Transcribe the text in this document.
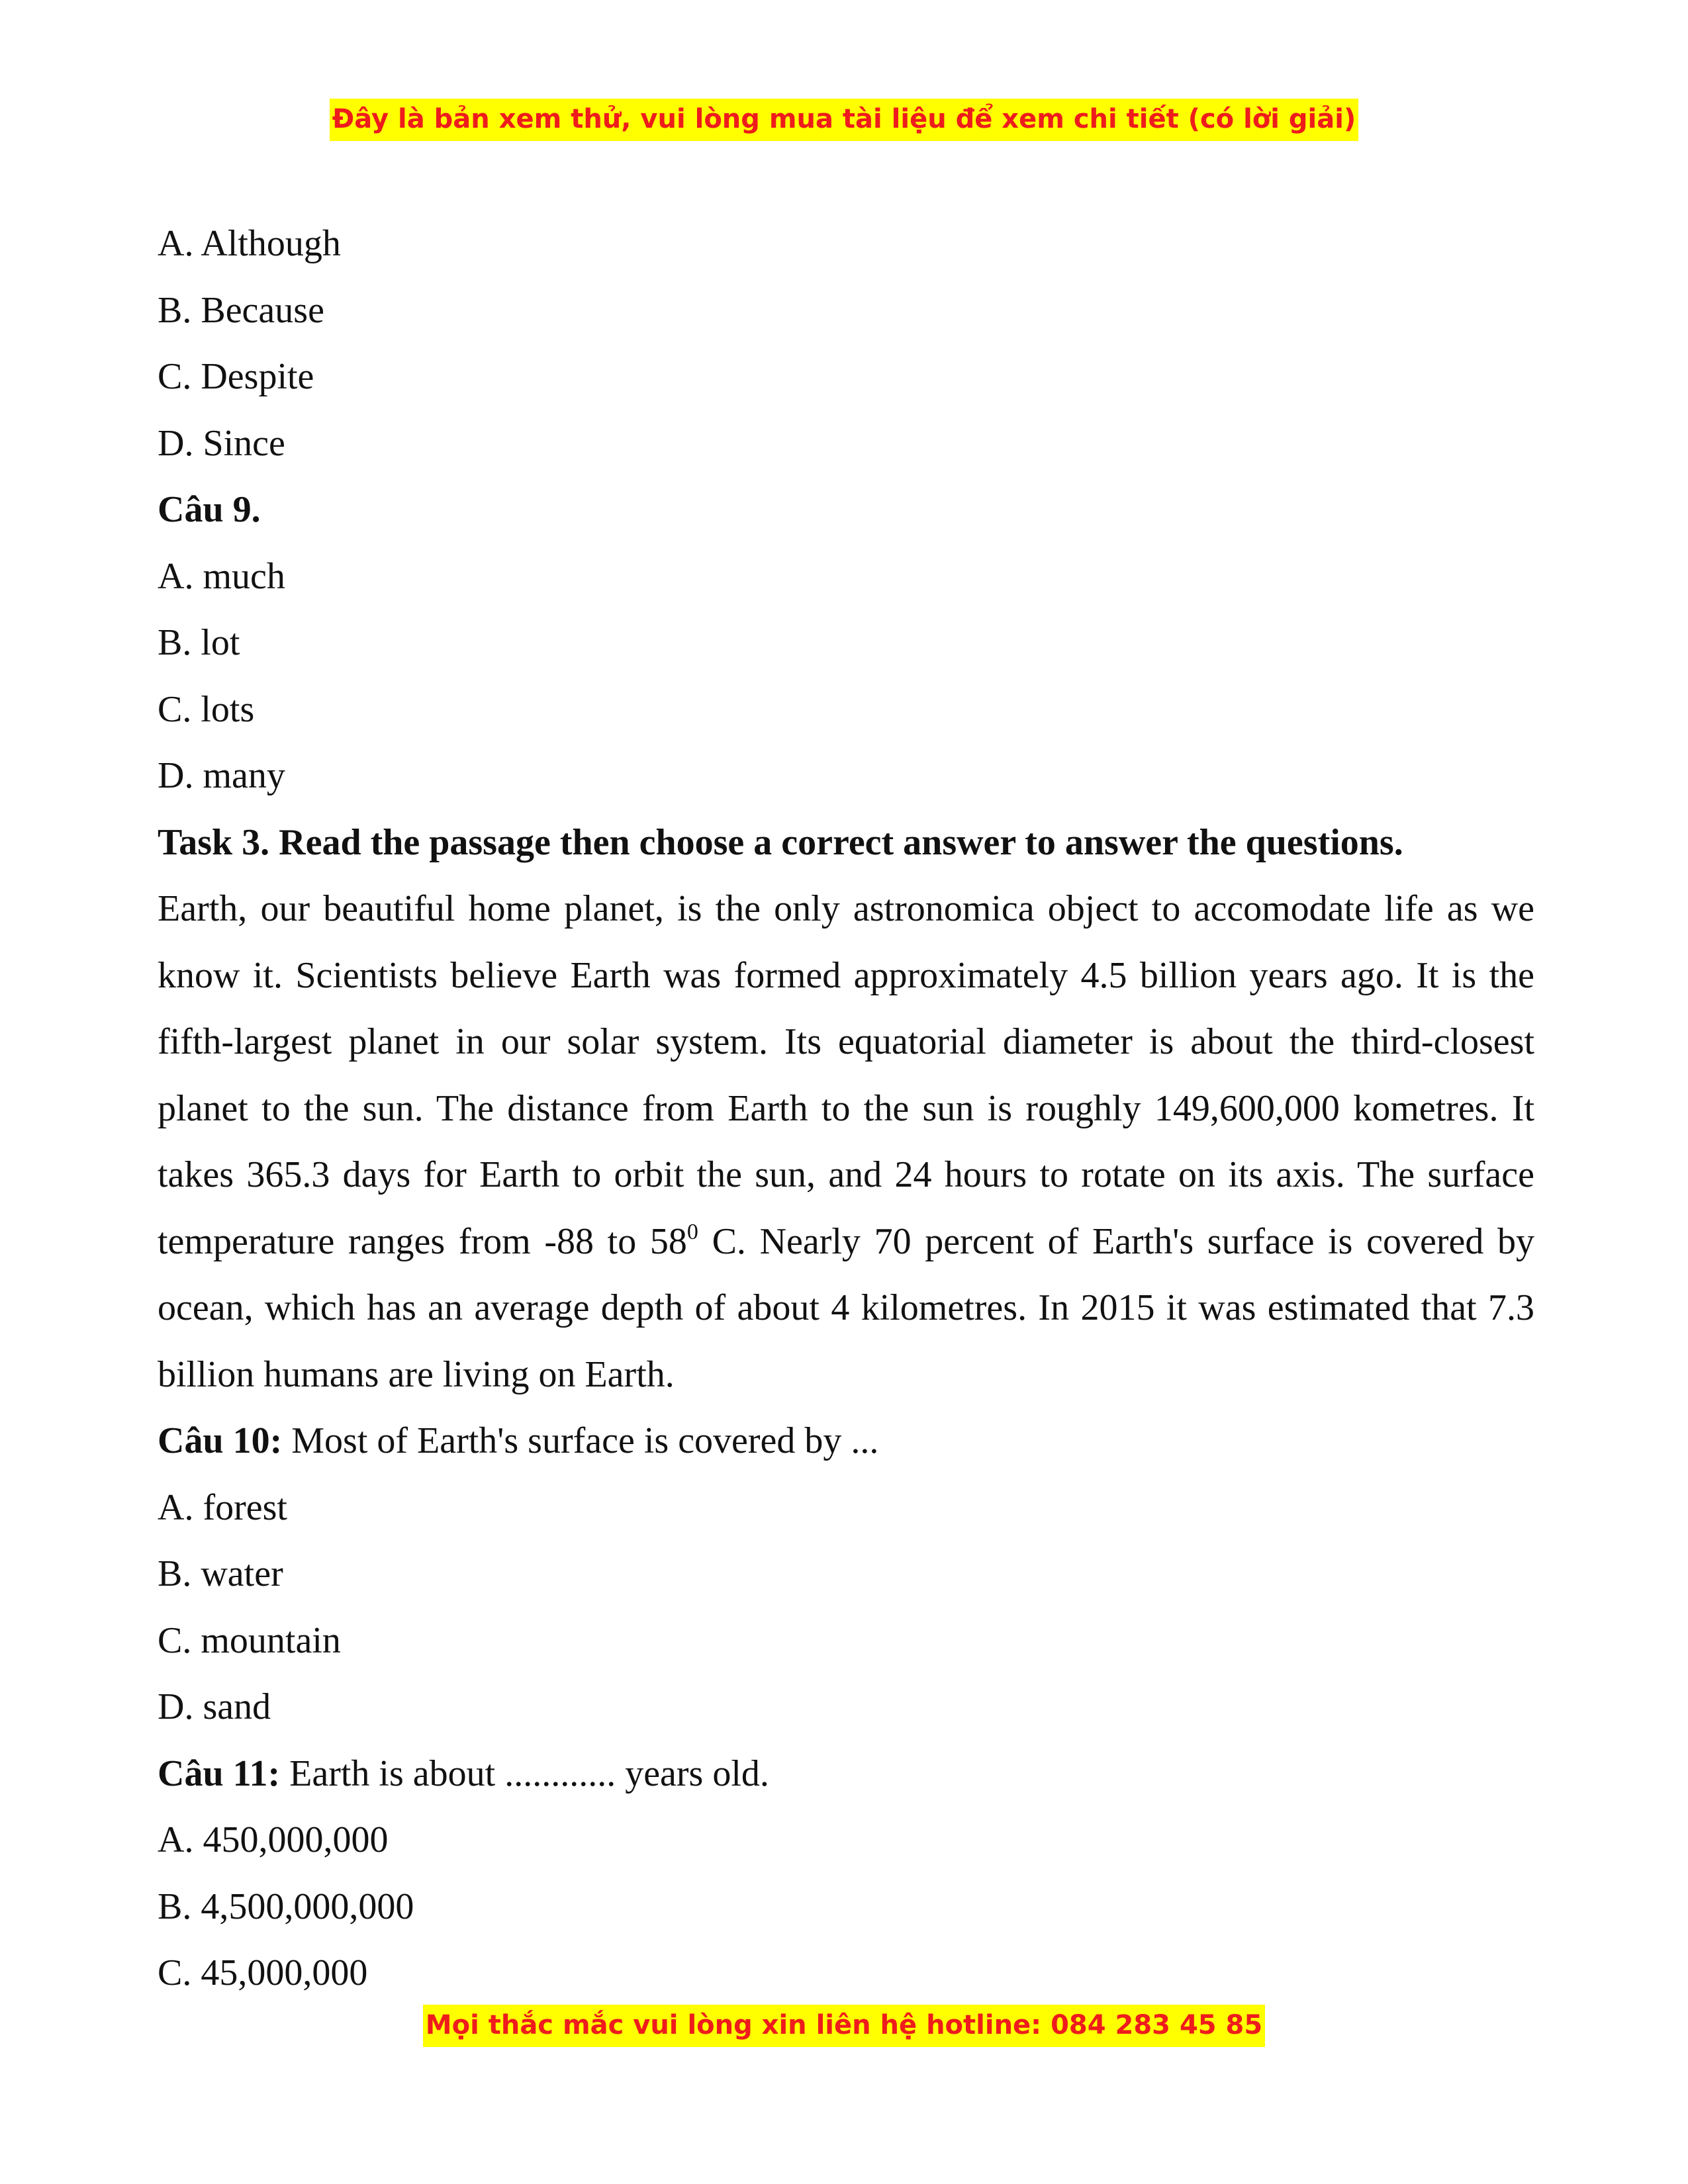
Đây là bản xem thử, vui lòng mua tài liệu để xem chi tiết (có lời giải)
A. Although
B. Because
C. Despite
D. Since
Câu 9.
A. much
B. lot
C. lots
D. many
Task 3. Read the passage then choose a correct answer to answer the questions.
Earth, our beautiful home planet, is the only astronomica object to accomodate life as we know it. Scientists believe Earth was formed approximately 4.5 billion years ago. It is the fifth-largest planet in our solar system. Its equatorial diameter is about the third-closest planet to the sun. The distance from Earth to the sun is roughly 149,600,000 kometres. It takes 365.3 days for Earth to orbit the sun, and 24 hours to rotate on its axis. The surface temperature ranges from -88 to $58^0$ C. Nearly 70 percent of Earth's surface is covered by ocean, which has an average depth of about 4 kilometres. In 2015 it was estimated that 7.3 billion humans are living on Earth.
Câu 10: Most of Earth's surface is covered by ...
A. forest
B. water
C. mountain
D. sand
Câu 11: Earth is about ............ years old.
A. 450,000,000
B. 4,500,000,000
C. 45,000,000
Mọi thắc mắc vui lòng xin liên hệ hotline: 084 283 45 85
